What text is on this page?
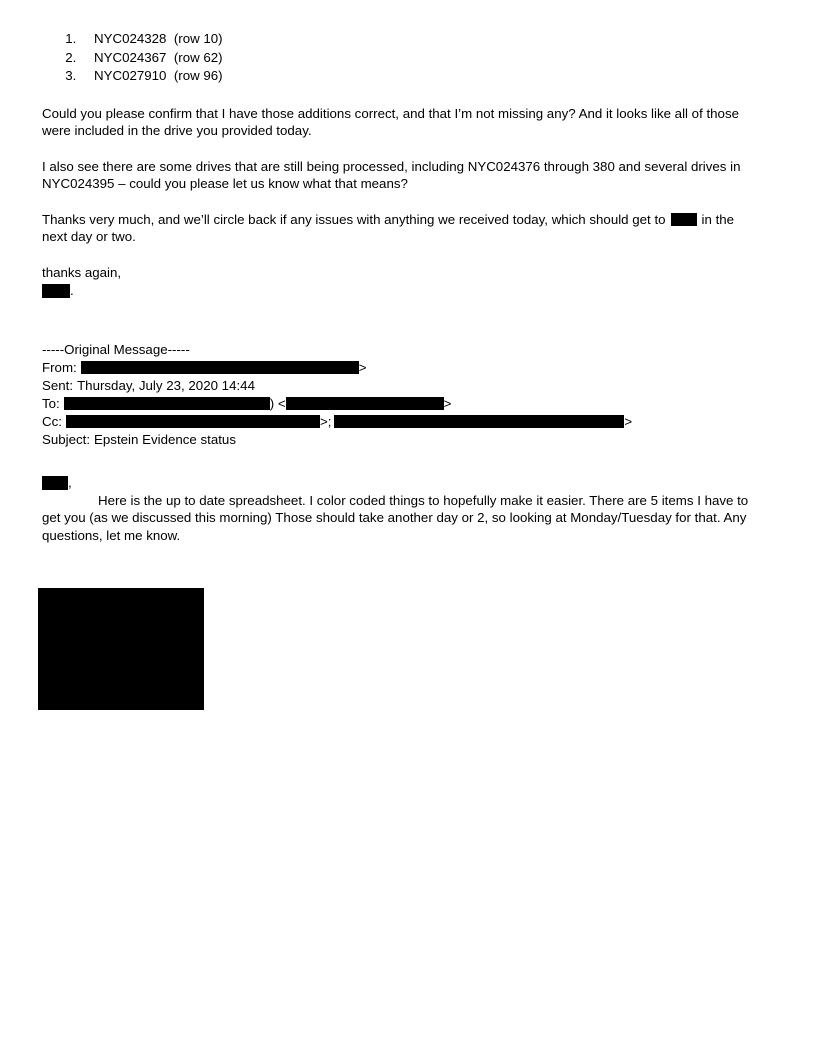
1. NYC024328  (row 10)
2. NYC024367  (row 62)
3. NYC027910  (row 96)

Could you please confirm that I have those additions correct, and that I’m not missing any? And it looks like all of those were included in the drive you provided today.

I also see there are some drives that are still being processed, including NYC024376 through 380 and several drives in NYC024395 – could you please let us know what that means?

Thanks very much, and we’ll circle back if any issues with anything we received today, which should get to	in the next day or two.

thanks again,

.

-----Original Message-----

From:	>

Sent: Thursday, July 23, 2020 14:44

To:	) <	>

Cc:	>;	>

Subject: Epstein Evidence status

,

Here is the up to date spreadsheet. I color coded things to hopefully make it easier. There are 5 items I have to get you (as we discussed this morning) Those should take another day or 2, so looking at Monday/Tuesday for that. Any questions, let me know.
